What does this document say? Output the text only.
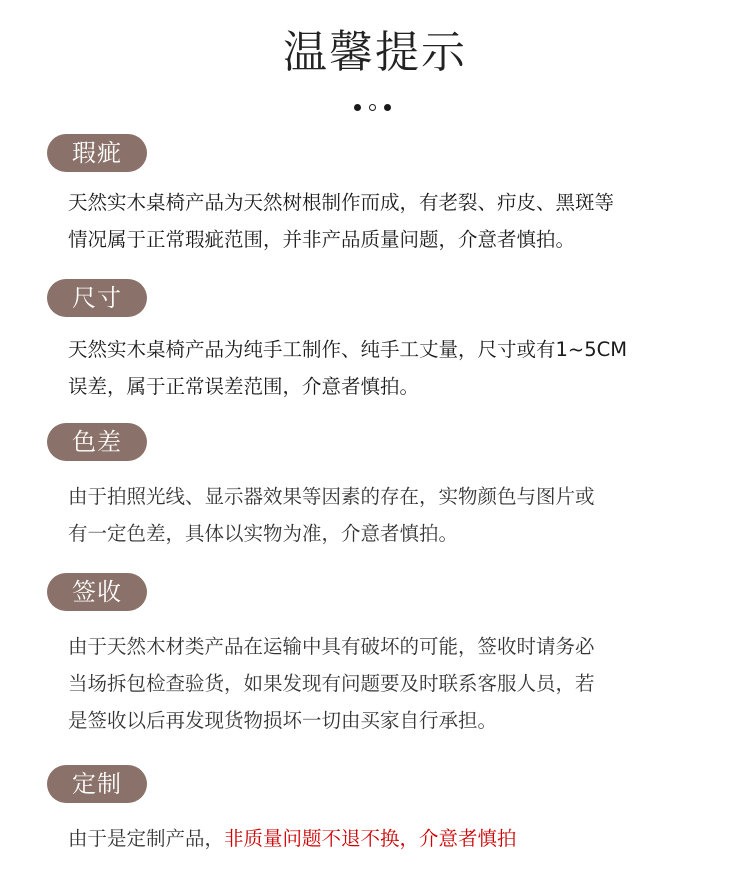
温馨提示
瑕疵
天然实木桌椅产品为天然树根制作而成，有老裂、疖皮、黑斑等
情况属于正常瑕疵范围，并非产品质量问题，介意者慎拍。
尺寸
天然实木桌椅产品为纯手工制作、纯手工丈量，尺寸或有1~5CM
误差，属于正常误差范围，介意者慎拍。
色差
由于拍照光线、显示器效果等因素的存在，实物颜色与图片或
有一定色差，具体以实物为准，介意者慎拍。
签收
由于天然木材类产品在运输中具有破坏的可能，签收时请务必
当场拆包检查验货，如果发现有问题要及时联系客服人员，若
是签收以后再发现货物损坏一切由买家自行承担。
定制
由于是定制产品，非质量问题不退不换，介意者慎拍
